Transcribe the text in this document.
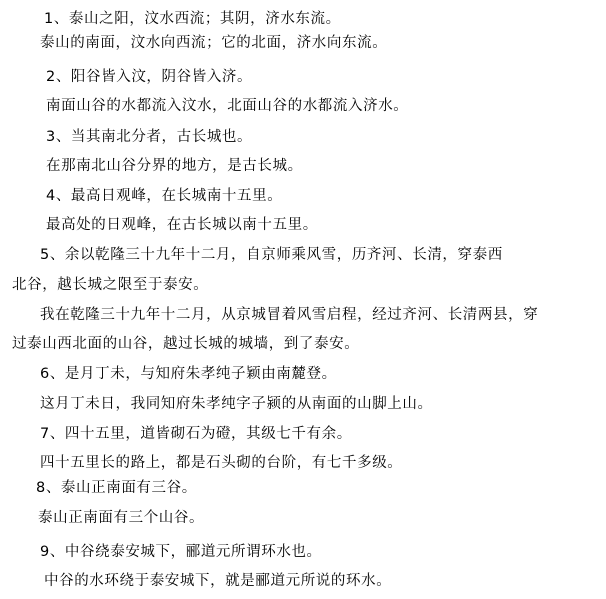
1、泰山之阳，汶水西流；其阴，济水东流。
泰山的南面，汶水向西流；它的北面，济水向东流。
2、阳谷皆入汶，阴谷皆入济。
南面山谷的水都流入汶水，北面山谷的水都流入济水。
3、当其南北分者，古长城也。
在那南北山谷分界的地方，是古长城。
4、最高日观峰，在长城南十五里。
最高处的日观峰，在古长城以南十五里。
5、余以乾隆三十九年十二月，自京师乘风雪，历齐河、长清，穿泰西
北谷，越长城之限至于泰安。
我在乾隆三十九年十二月，从京城冒着风雪启程，经过齐河、长清两县，穿
过泰山西北面的山谷，越过长城的城墙，到了泰安。
6、是月丁未，与知府朱孝纯子颖由南麓登。
这月丁未日，我同知府朱孝纯字子颍的从南面的山脚上山。
7、四十五里，道皆砌石为磴，其级七千有余。
四十五里长的路上，都是石头砌的台阶，有七千多级。
8、泰山正南面有三谷。
泰山正南面有三个山谷。
9、中谷绕泰安城下，郦道元所谓环水也。
中谷的水环绕于泰安城下，就是郦道元所说的环水。
